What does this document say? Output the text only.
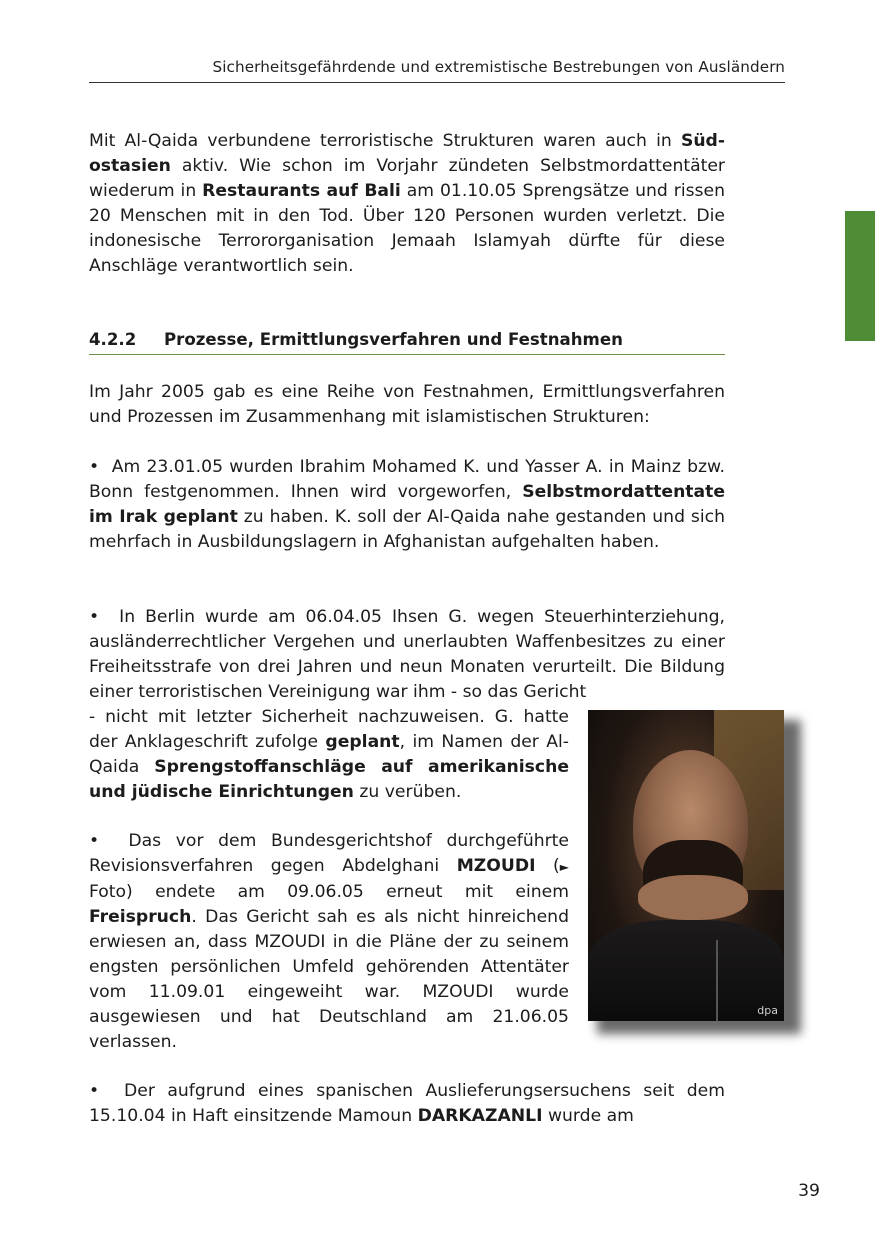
Sicherheitsgefährdende und extremistische Bestrebungen von Ausländern

Mit Al-Qaida verbundene terroristische Strukturen waren auch in Süd-ostasien aktiv. Wie schon im Vorjahr zündeten Selbstmordattentäter wiederum in Restaurants auf Bali am 01.10.05 Sprengsätze und rissen 20 Menschen mit in den Tod. Über 120 Personen wurden verletzt. Die indonesische Terrororganisation Jemaah Islamyah dürfte für diese Anschläge verantwortlich sein.

4.2.2 Prozesse, Ermittlungsverfahren und Festnahmen

Im Jahr 2005 gab es eine Reihe von Festnahmen, Ermittlungsverfahren und Prozessen im Zusammenhang mit islamistischen Strukturen:

• Am 23.01.05 wurden Ibrahim Mohamed K. und Yasser A. in Mainz bzw. Bonn festgenommen. Ihnen wird vorgeworfen, Selbstmordattentate im Irak geplant zu haben. K. soll der Al-Qaida nahe gestanden und sich mehrfach in Ausbildungslagern in Afghanistan aufgehalten haben.

• In Berlin wurde am 06.04.05 Ihsen G. wegen Steuerhinterziehung, ausländerrechtlicher Vergehen und unerlaubten Waffenbesitzes zu einer Freiheitsstrafe von drei Jahren und neun Monaten verurteilt. Die Bildung einer terroristischen Vereinigung war ihm - so das Gericht

- nicht mit letzter Sicherheit nachzuweisen. G. hatte der Anklageschrift zufolge geplant, im Namen der Al-Qaida Sprengstoffanschläge auf amerikanische und jüdische Einrichtungen zu verüben.

• Das vor dem Bundesgerichtshof durchgeführte Revisionsverfahren gegen Abdelghani MZOUDI (► Foto) endete am 09.06.05 erneut mit einem Freispruch. Das Gericht sah es als nicht hinreichend erwiesen an, dass MZOUDI in die Pläne der zu seinem engsten persönlichen Umfeld gehörenden Attentäter vom 11.09.01 eingeweiht war. MZOUDI wurde ausgewiesen und hat Deutschland am 21.06.05 verlassen.

dpa

• Der aufgrund eines spanischen Auslieferungsersuchens seit dem 15.10.04 in Haft einsitzende Mamoun DARKAZANLI wurde am

39
